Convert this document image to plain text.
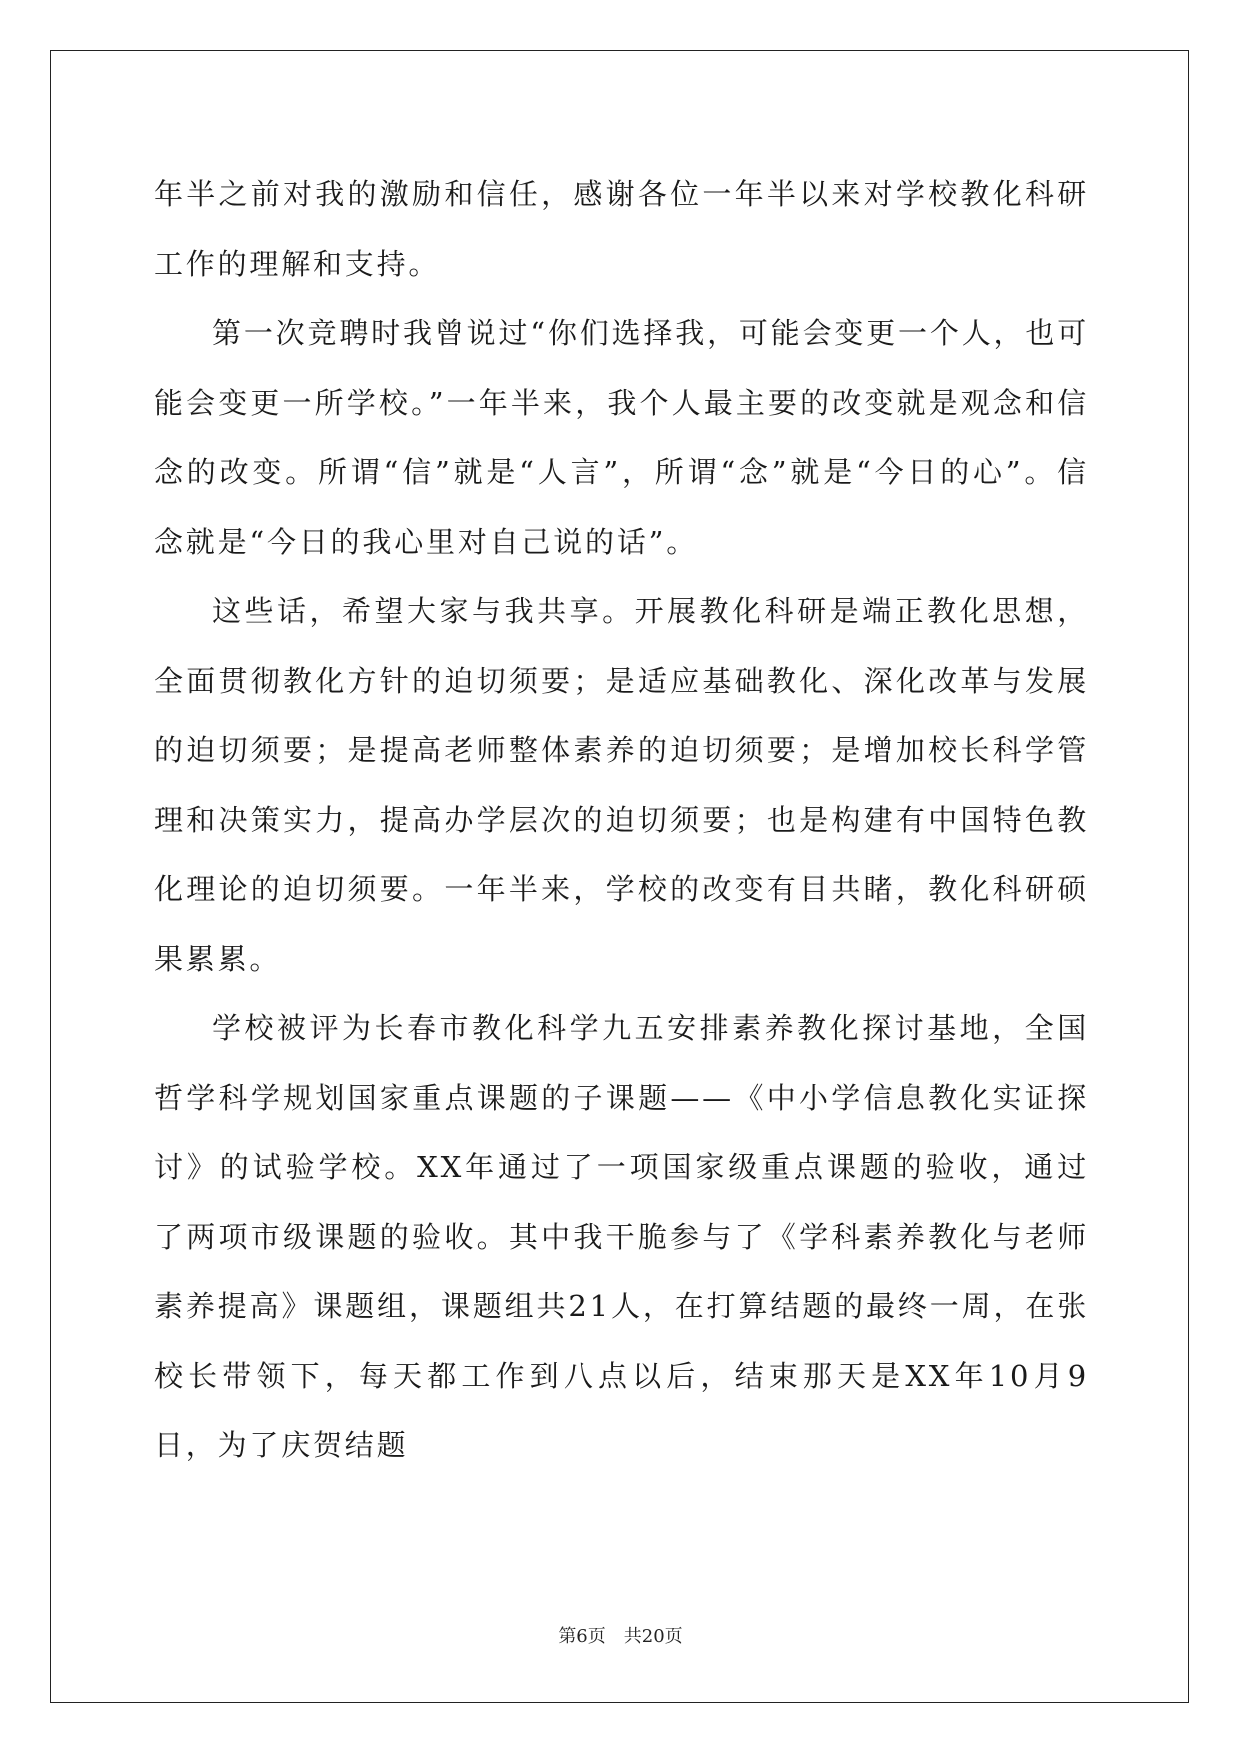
年半之前对我的激励和信任，感谢各位一年半以来对学校教化科研工作的理解和支持。

第一次竞聘时我曾说过“你们选择我，可能会变更一个人，也可能会变更一所学校。”一年半来，我个人最主要的改变就是观念和信念的改变。所谓“信”就是“人言”，所谓“念”就是“今日的心”。信念就是“今日的我心里对自己说的话”。

这些话，希望大家与我共享。开展教化科研是端正教化思想，全面贯彻教化方针的迫切须要；是适应基础教化、深化改革与发展的迫切须要；是提高老师整体素养的迫切须要；是增加校长科学管理和决策实力，提高办学层次的迫切须要；也是构建有中国特色教化理论的迫切须要。一年半来，学校的改变有目共睹，教化科研硕果累累。

学校被评为长春市教化科学九五安排素养教化探讨基地，全国哲学科学规划国家重点课题的子课题——《中小学信息教化实证探讨》的试验学校。XX年通过了一项国家级重点课题的验收，通过了两项市级课题的验收。其中我干脆参与了《学科素养教化与老师素养提高》课题组，课题组共21人，在打算结题的最终一周，在张校长带领下，每天都工作到八点以后，结束那天是XX年10月9日，为了庆贺结题

第6页 共20页
